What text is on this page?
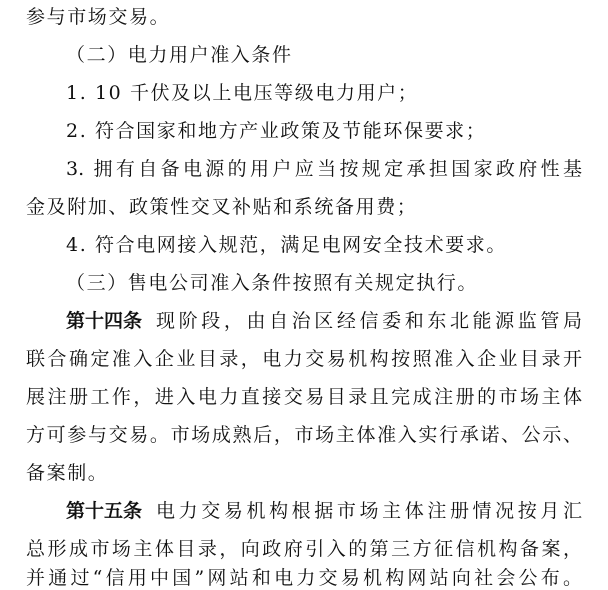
参与市场交易。
（二）电力用户准入条件
1. 10 千伏及以上电压等级电力用户；
2. 符合国家和地方产业政策及节能环保要求；
3. 拥有自备电源的用户应当按规定承担国家政府性基
金及附加、政策性交叉补贴和系统备用费；
4. 符合电网接入规范，满足电网安全技术要求。
（三）售电公司准入条件按照有关规定执行。
第十四条 现阶段，由自治区经信委和东北能源监管局
联合确定准入企业目录，电力交易机构按照准入企业目录开
展注册工作，进入电力直接交易目录且完成注册的市场主体
方可参与交易。市场成熟后，市场主体准入实行承诺、公示、
备案制。
第十五条 电力交易机构根据市场主体注册情况按月汇
总形成市场主体目录，向政府引入的第三方征信机构备案，
并通过“信用中国”网站和电力交易机构网站向社会公布。
